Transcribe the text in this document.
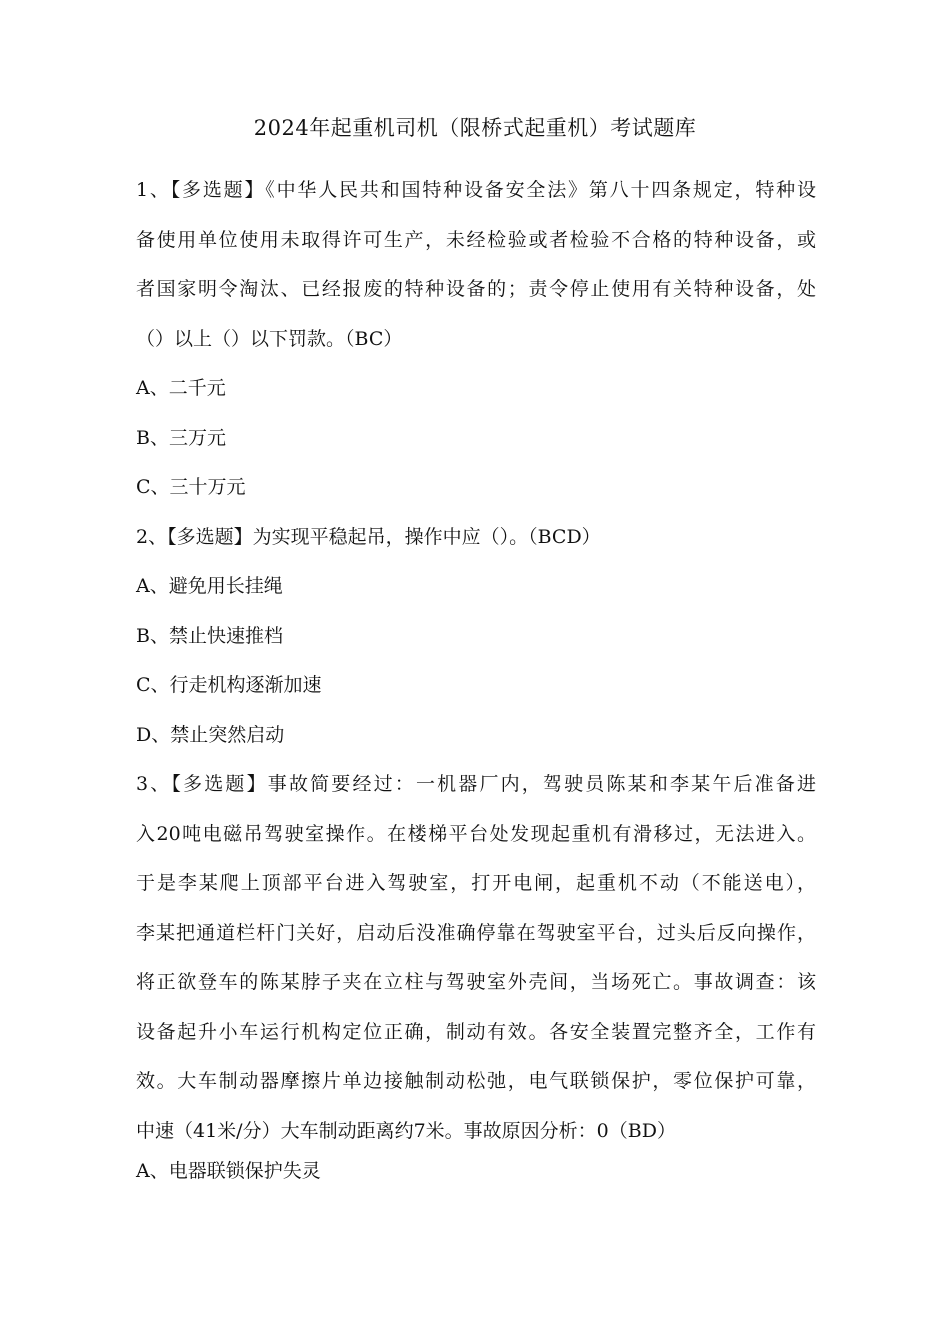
2024年起重机司机（限桥式起重机）考试题库
1、【多选题】《中华人民共和国特种设备安全法》第八十四条规定，特种设
备使用单位使用未取得许可生产，未经检验或者检验不合格的特种设备，或
者国家明令淘汰、已经报废的特种设备的；责令停止使用有关特种设备，处
（）以上（）以下罚款。（BC）
A、二千元
B、三万元
C、三十万元
2、【多选题】为实现平稳起吊，操作中应（）。（BCD）
A、避免用长挂绳
B、禁止快速推档
C、行走机构逐渐加速
D、禁止突然启动
3、【多选题】事故简要经过：一机器厂内，驾驶员陈某和李某午后准备进
入20吨电磁吊驾驶室操作。在楼梯平台处发现起重机有滑移过，无法进入。
于是李某爬上顶部平台进入驾驶室，打开电闸，起重机不动（不能送电），
李某把通道栏杆门关好，启动后没准确停靠在驾驶室平台，过头后反向操作，
将正欲登车的陈某脖子夹在立柱与驾驶室外壳间，当场死亡。事故调查：该
设备起升小车运行机构定位正确，制动有效。各安全装置完整齐全，工作有
效。大车制动器摩擦片单边接触制动松弛，电气联锁保护，零位保护可靠，
中速（41米/分）大车制动距离约7米。事故原因分析：0（BD）
A、电器联锁保护失灵
